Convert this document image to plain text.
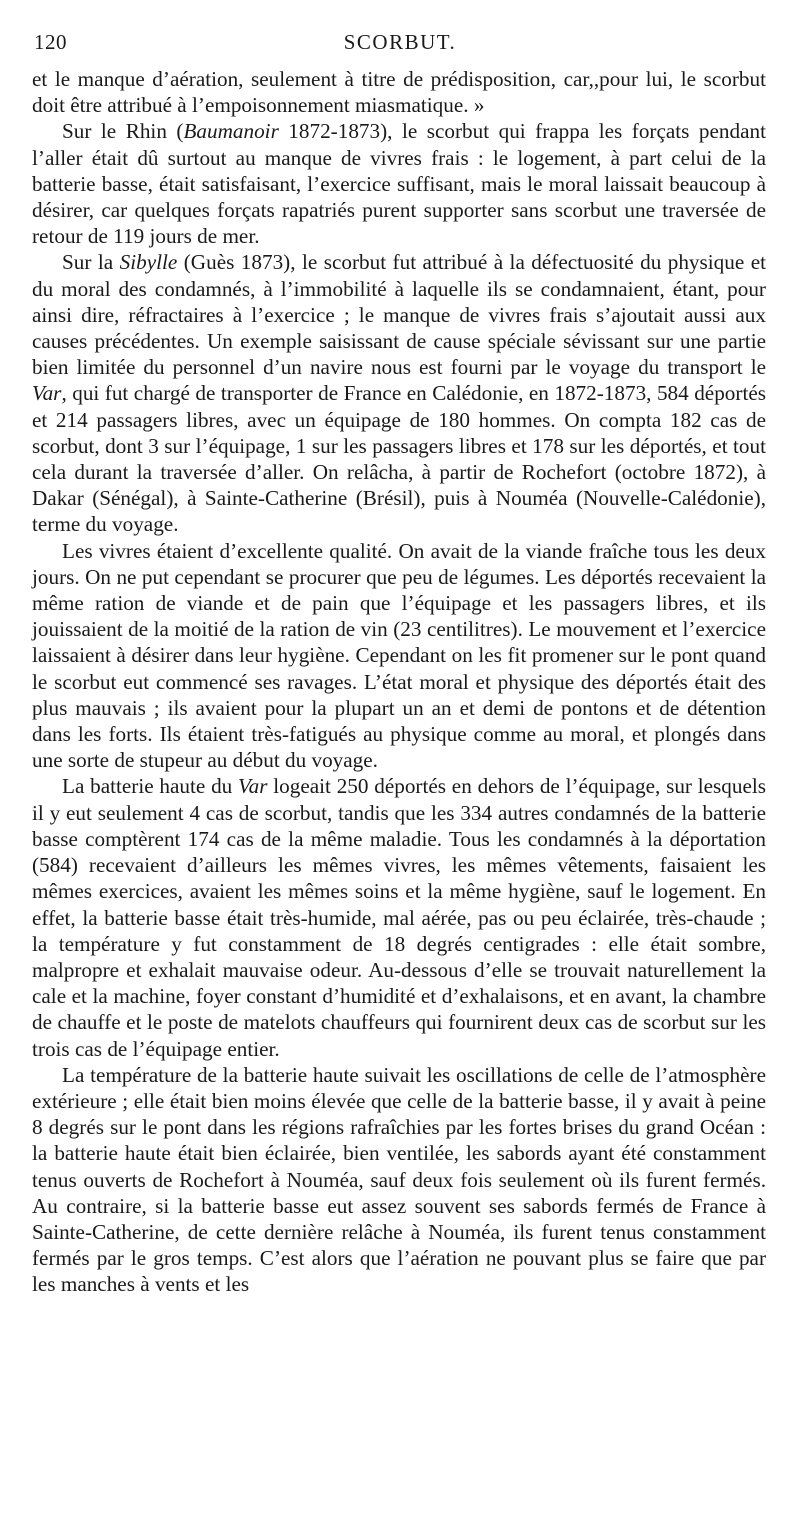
120	SCORBUT.

et le manque d’aération, seulement à titre de prédisposition, car,,pour lui, le scorbut doit être attribué à l’empoisonnement miasmatique. »

Sur le Rhin (Baumanoir 1872-1873), le scorbut qui frappa les forçats pendant l’aller était dû surtout au manque de vivres frais : le logement, à part celui de la batterie basse, était satisfaisant, l’exercice suffisant, mais le moral laissait beaucoup à désirer, car quelques forçats rapatriés purent supporter sans scorbut une traversée de retour de 119 jours de mer.

Sur la Sibylle (Guès 1873), le scorbut fut attribué à la défectuosité du physique et du moral des condamnés, à l’immobilité à laquelle ils se condamnaient, étant, pour ainsi dire, réfractaires à l’exercice ; le manque de vivres frais s’ajoutait aussi aux causes précédentes. Un exemple saisissant de cause spéciale sévissant sur une partie bien limitée du personnel d’un navire nous est fourni par le voyage du transport le Var, qui fut chargé de transporter de France en Calédonie, en 1872-1873, 584 déportés et 214 passagers libres, avec un équipage de 180 hommes. On compta 182 cas de scorbut, dont 3 sur l’équipage, 1 sur les passagers libres et 178 sur les déportés, et tout cela durant la traversée d’aller. On relâcha, à partir de Rochefort (octobre 1872), à Dakar (Sénégal), à Sainte-Catherine (Brésil), puis à Nouméa (Nouvelle-Calédonie), terme du voyage.

Les vivres étaient d’excellente qualité. On avait de la viande fraîche tous les deux jours. On ne put cependant se procurer que peu de légumes. Les déportés recevaient la même ration de viande et de pain que l’équipage et les passagers libres, et ils jouissaient de la moitié de la ration de vin (23 centilitres). Le mouvement et l’exercice laissaient à désirer dans leur hygiène. Cependant on les fit promener sur le pont quand le scorbut eut commencé ses ravages. L’état moral et physique des déportés était des plus mauvais ; ils avaient pour la plupart un an et demi de pontons et de détention dans les forts. Ils étaient très-fatigués au physique comme au moral, et plongés dans une sorte de stupeur au début du voyage.

La batterie haute du Var logeait 250 déportés en dehors de l’équipage, sur lesquels il y eut seulement 4 cas de scorbut, tandis que les 334 autres condamnés de la batterie basse comptèrent 174 cas de la même maladie. Tous les condamnés à la déportation (584) recevaient d’ailleurs les mêmes vivres, les mêmes vêtements, faisaient les mêmes exercices, avaient les mêmes soins et la même hygiène, sauf le logement. En effet, la batterie basse était très-humide, mal aérée, pas ou peu éclairée, très-chaude ; la température y fut constamment de 18 degrés centigrades : elle était sombre, malpropre et exhalait mauvaise odeur. Au-dessous d’elle se trouvait naturellement la cale et la machine, foyer constant d’humidité et d’exhalaisons, et en avant, la chambre de chauffe et le poste de matelots chauffeurs qui fournirent deux cas de scorbut sur les trois cas de l’équipage entier.

La température de la batterie haute suivait les oscillations de celle de l’atmosphère extérieure ; elle était bien moins élevée que celle de la batterie basse, il y avait à peine 8 degrés sur le pont dans les régions rafraîchies par les fortes brises du grand Océan : la batterie haute était bien éclairée, bien ventilée, les sabords ayant été constamment tenus ouverts de Rochefort à Nouméa, sauf deux fois seulement où ils furent fermés. Au contraire, si la batterie basse eut assez souvent ses sabords fermés de France à Sainte-Catherine, de cette dernière relâche à Nouméa, ils furent tenus constamment fermés par le gros temps. C’est alors que l’aération ne pouvant plus se faire que par les manches à vents et les
